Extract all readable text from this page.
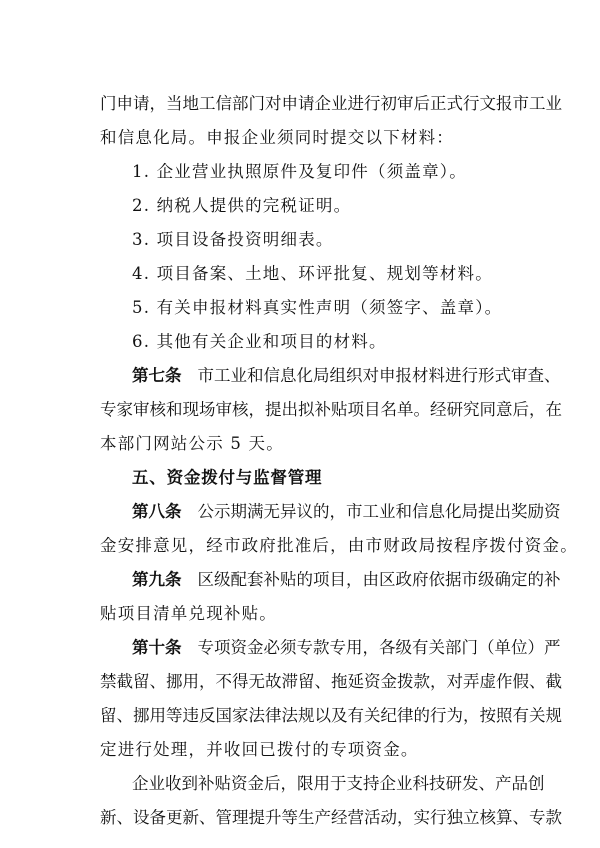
门 申 请 ， 当 地 工 信 部 门 对 申 请 企 业 进 行 初 审 后 正 式 行 文 报 市 工 业
和信息化局。申报企业须同时提交以下材料：
1. 企业营业执照原件及复印件（须盖章）。
2. 纳税人提供的完税证明。
3. 项目设备投资明细表。
4. 项目备案、土地、环评批复、规划等材料。
5. 有关申报材料真实性声明（须签字、盖章）。
6. 其他有关企业和项目的材料。
第七条 市 工 业 和 信 息 化 局 组 织 对 申 报 材 料 进 行 形 式 审 查 、
专 家 审 核 和 现 场 审 核 ， 提 出 拟 补 贴 项 目 名 单 。 经 研 究 同 意 后 ， 在
本部门网站公示 5 天。
五、资金拨付与监督管理
第八条 公 示 期 满 无 异 议 的 ， 市 工 业 和 信 息 化 局 提 出 奖 励 资
金安排意见，经市政府批准后，由市财政局按程序拨付资金。
第九条 区 级 配 套 补 贴 的 项 目 ， 由 区 政 府 依 据 市 级 确 定 的 补
贴项目清单兑现补贴。
第十条 专 项 资 金 必 须 专 款 专 用 ， 各 级 有 关 部 门 （ 单 位 ） 严
禁 截 留 、 挪 用 ， 不 得 无 故 滞 留 、 拖 延 资 金 拨 款 ， 对 弄 虚 作 假 、 截
留 、 挪 用 等 违 反 国 家 法 律 法 规 以 及 有 关 纪 律 的 行 为 ， 按 照 有 关 规
定进行处理，并收回已拨付的专项资金。
企 业 收 到 补 贴 资 金 后 ， 限 用 于 支 持 企 业 科 技 研 发 、 产 品 创
新 、 设 备 更 新 、 管 理 提 升 等 生 产 经 营 活 动 ， 实 行 独 立 核 算 、 专 款
